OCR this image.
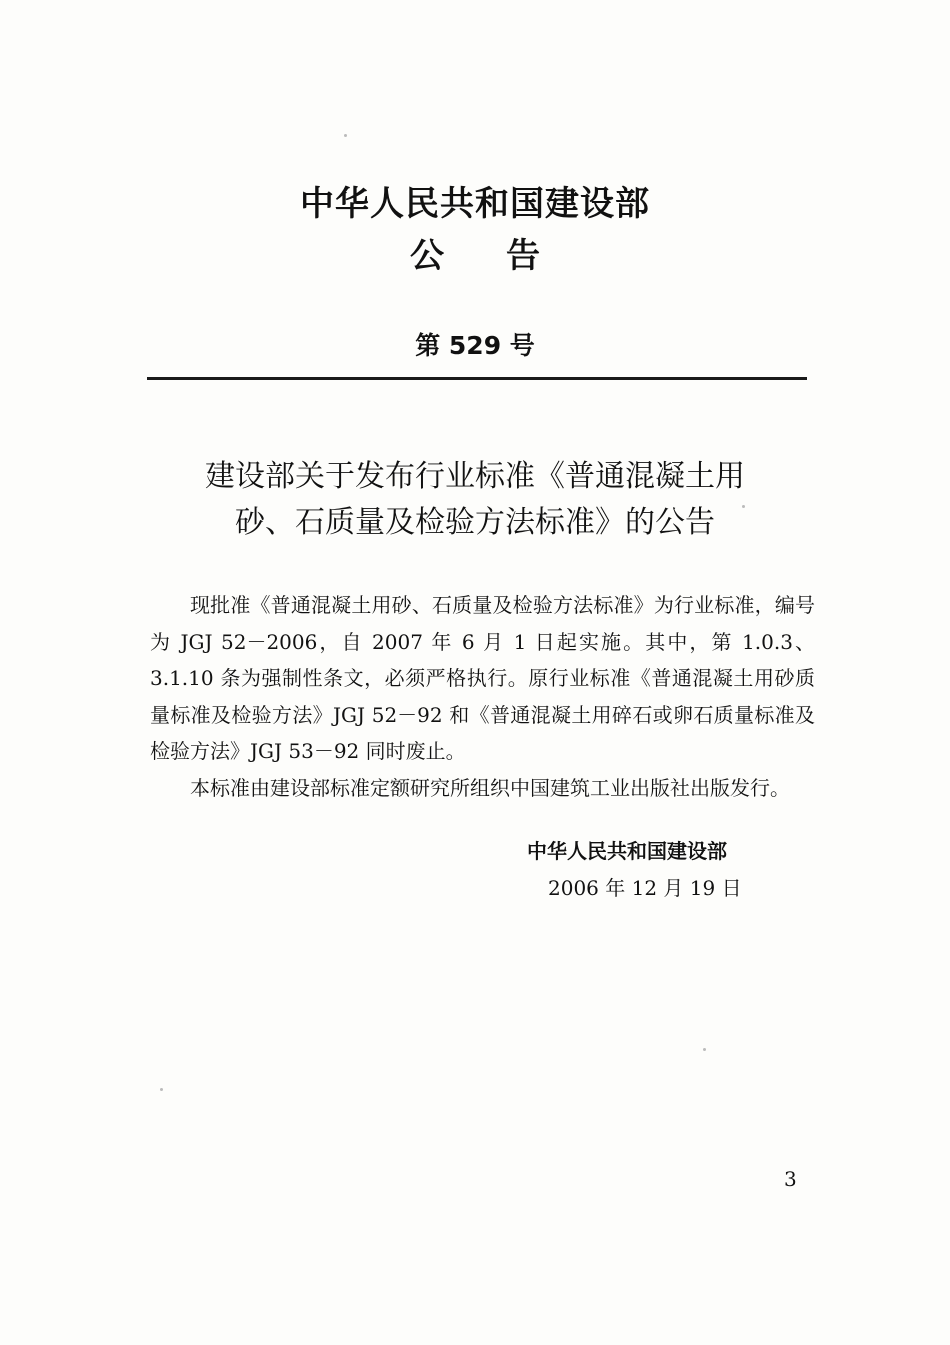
中华人民共和国建设部
公 告
第 529 号
建设部关于发布行业标准《普通混凝土用
砂、石质量及检验方法标准》的公告

现批准《普通混凝土用砂、石质量及检验方法标准》为行业标准，编号为 JGJ 52－2006，自 2007 年 6 月 1 日起实施。其中，第 1.0.3、3.1.10 条为强制性条文，必须严格执行。原行业标准《普通混凝土用砂质量标准及检验方法》JGJ 52－92 和《普通混凝土用碎石或卵石质量标准及检验方法》JGJ 53－92 同时废止。

本标准由建设部标准定额研究所组织中国建筑工业出版社出版发行。

中华人民共和国建设部
2006 年 12 月 19 日
3
